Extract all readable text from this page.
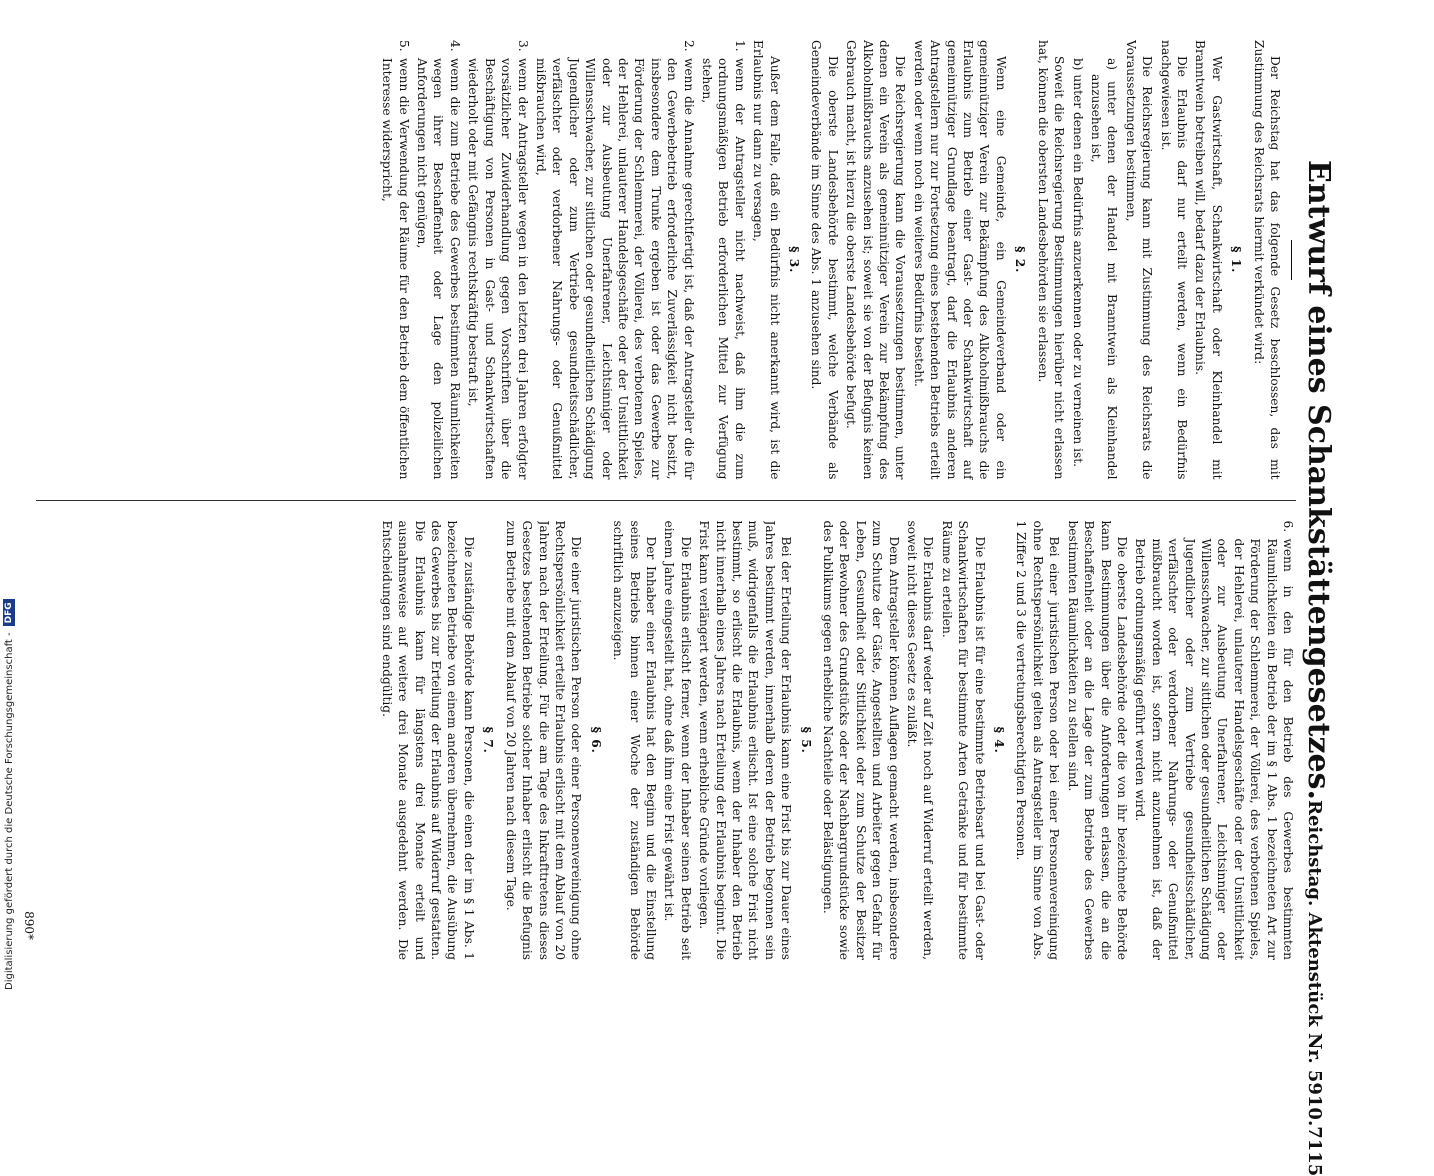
Entwurf eines Schankstättengesetzes.
Reichstag. Aktenstück Nr. 5910.
7115

Der Reichstag hat das folgende Gesetz beschlossen, das mit Zustimmung des Reichsrats hiermit verkündet wird:

§ 1.

Wer Gastwirtschaft, Schankwirtschaft oder Kleinhandel mit Branntwein betreiben will, bedarf dazu der Erlaubnis.

Die Erlaubnis darf nur erteilt werden, wenn ein Bedürfnis nachgewiesen ist.

Die Reichsregierung kann mit Zustimmung des Reichsrats die Voraussetzungen bestimmen,

a) unter denen der Handel mit Branntwein als Kleinhandel anzusehen ist,

b) unter denen ein Bedürfnis anzuerkennen oder zu verneinen ist.

Soweit die Reichsregierung Bestimmungen hierüber nicht erlassen hat, können die obersten Landesbehörden sie erlassen.

§ 2.

Wenn eine Gemeinde, ein Gemeindeverband oder ein gemeinnütziger Verein zur Bekämpfung des Alkoholmißbrauchs die Erlaubnis zum Betrieb einer Gast- oder Schankwirtschaft auf gemeinnütziger Grundlage beantragt, darf die Erlaubnis anderen Antragstellern nur zur Fortsetzung eines bestehenden Betriebs erteilt werden oder wenn noch ein weiteres Bedürfnis besteht.

Die Reichsregierung kann die Voraussetzungen bestimmen, unter denen ein Verein als gemeinnütziger Verein zur Bekämpfung des Alkoholmißbrauchs anzusehen ist; soweit sie von der Befugnis keinen Gebrauch macht, ist hierzu die oberste Landesbehörde befugt.

Die oberste Landesbehörde bestimmt, welche Verbände als Gemeindeverbände im Sinne des Abs. 1 anzusehen sind.

§ 3.

Außer dem Falle, daß ein Bedürfnis nicht anerkannt wird, ist die Erlaubnis nur dann zu versagen,

1.wenn der Antragsteller nicht nachweist, daß ihm die zum ordnungsmäßigen Betrieb erforderlichen Mittel zur Verfügung stehen,

2.wenn die Annahme gerechtfertigt ist, daß der Antragsteller die für den Gewerbebetrieb erforderliche Zuverlässigkeit nicht besitzt, insbesondere dem Trunke ergeben ist oder das Gewerbe zur Förderung der Schlemmerei, der Völlerei, des verbotenen Spieles, der Hehlerei, unlauterer Handelsgeschäfte oder der Unsittlichkeit oder zur Ausbeutung Unerfahrener, Leichtsinniger oder Willensschwacher, zur sittlichen oder gesundheitlichen Schädigung Jugendlicher oder zum Vertriebe gesundheitsschädlicher, verfälschter oder verdorbener Nahrungs- oder Genußmittel mißbrauchen wird,

3.wenn der Antragsteller wegen in den letzten drei Jahren erfolgter vorsätzlicher Zuwiderhandlung gegen Vorschriften über die Beschäftigung von Personen in Gast- und Schankwirtschaften wiederholt oder mit Gefängnis rechtskräftig bestraft ist,

4.wenn die zum Betriebe des Gewerbes bestimmten Räumlichkeiten wegen ihrer Beschaffenheit oder Lage den polizeilichen Anforderungen nicht genügen,

5.wenn die Verwendung der Räume für den Betrieb dem öffentlichen Interesse widerspricht,

6.wenn in den für den Betrieb des Gewerbes bestimmten Räumlichkeiten ein Betrieb der im § 1 Abs. 1 bezeichneten Art zur Förderung der Schlemmerei, der Völlerei, des verbotenen Spieles, der Hehlerei, unlauterer Handelsgeschäfte oder der Unsittlichkeit oder zur Ausbeutung Unerfahrener, Leichtsinniger oder Willensschwacher, zur sittlichen oder gesundheitlichen Schädigung Jugendlicher oder zum Vertriebe gesundheitsschädlicher, verfälschter oder verdorbener Nahrungs- oder Genußmittel mißbraucht worden ist, sofern nicht anzunehmen ist, daß der Betrieb ordnungsmäßig geführt werden wird.

Die oberste Landesbehörde oder die von ihr bezeichnete Behörde kann Bestimmungen über die Anforderungen erlassen, die an die Beschaffenheit oder an die Lage der zum Betriebe des Gewerbes bestimmten Räumlichkeiten zu stellen sind.

Bei einer juristischen Person oder bei einer Personenvereinigung ohne Rechtspersönlichkeit gelten als Antragsteller im Sinne von Abs. 1 Ziffer 2 und 3 die vertretungsberechtigten Personen.

§ 4.

Die Erlaubnis ist für eine bestimmte Betriebsart und bei Gast- oder Schankwirtschaften für bestimmte Arten Getränke und für bestimmte Räume zu erteilen.

Die Erlaubnis darf weder auf Zeit noch auf Widerruf erteilt werden, soweit nicht dieses Gesetz es zuläßt.

Dem Antragsteller können Auflagen gemacht werden, insbesondere zum Schutze der Gäste, Angestellten und Arbeiter gegen Gefahr für Leben, Gesundheit oder Sittlichkeit oder zum Schutze der Besitzer oder Bewohner des Grundstücks oder der Nachbargrundstücke sowie des Publikums gegen erhebliche Nachteile oder Belästigungen.

§ 5.

Bei der Erteilung der Erlaubnis kann eine Frist bis zur Dauer eines Jahres bestimmt werden, innerhalb deren der Betrieb begonnen sein muß, widrigenfalls die Erlaubnis erlischt. Ist eine solche Frist nicht bestimmt, so erlischt die Erlaubnis, wenn der Inhaber den Betrieb nicht innerhalb eines Jahres nach Erteilung der Erlaubnis beginnt. Die Frist kann verlängert werden, wenn erhebliche Gründe vorliegen.

Die Erlaubnis erlischt ferner, wenn der Inhaber seinen Betrieb seit einem Jahre eingestellt hat, ohne daß ihm eine Frist gewährt ist.

Der Inhaber einer Erlaubnis hat den Beginn und die Einstellung seines Betriebs binnen einer Woche der zuständigen Behörde schriftlich anzuzeigen.

§ 6.

Die einer juristischen Person oder einer Personenvereinigung ohne Rechtspersönlichkeit erteilte Erlaubnis erlischt mit dem Ablauf von 20 Jahren nach der Erteilung. Für die am Tage des Inkrafttretens dieses Gesetzes bestehenden Betriebe solcher Inhaber erlischt die Befugnis zum Betriebe mit dem Ablauf von 20 Jahren nach diesem Tage.

§ 7.

Die zuständige Behörde kann Personen, die einen der im § 1 Abs. 1 bezeichneten Betriebe von einem anderen übernehmen, die Ausübung des Gewerbes bis zur Erteilung der Erlaubnis auf Widerruf gestatten. Die Erlaubnis kann für längstens drei Monate erteilt und ausnahmsweise auf weitere drei Monate ausgedehnt werden. Die Entscheidungen sind endgültig.

890*
Digitalisierung gefördert durch die Deutsche Forschungsgemeinschaft -
DFG
